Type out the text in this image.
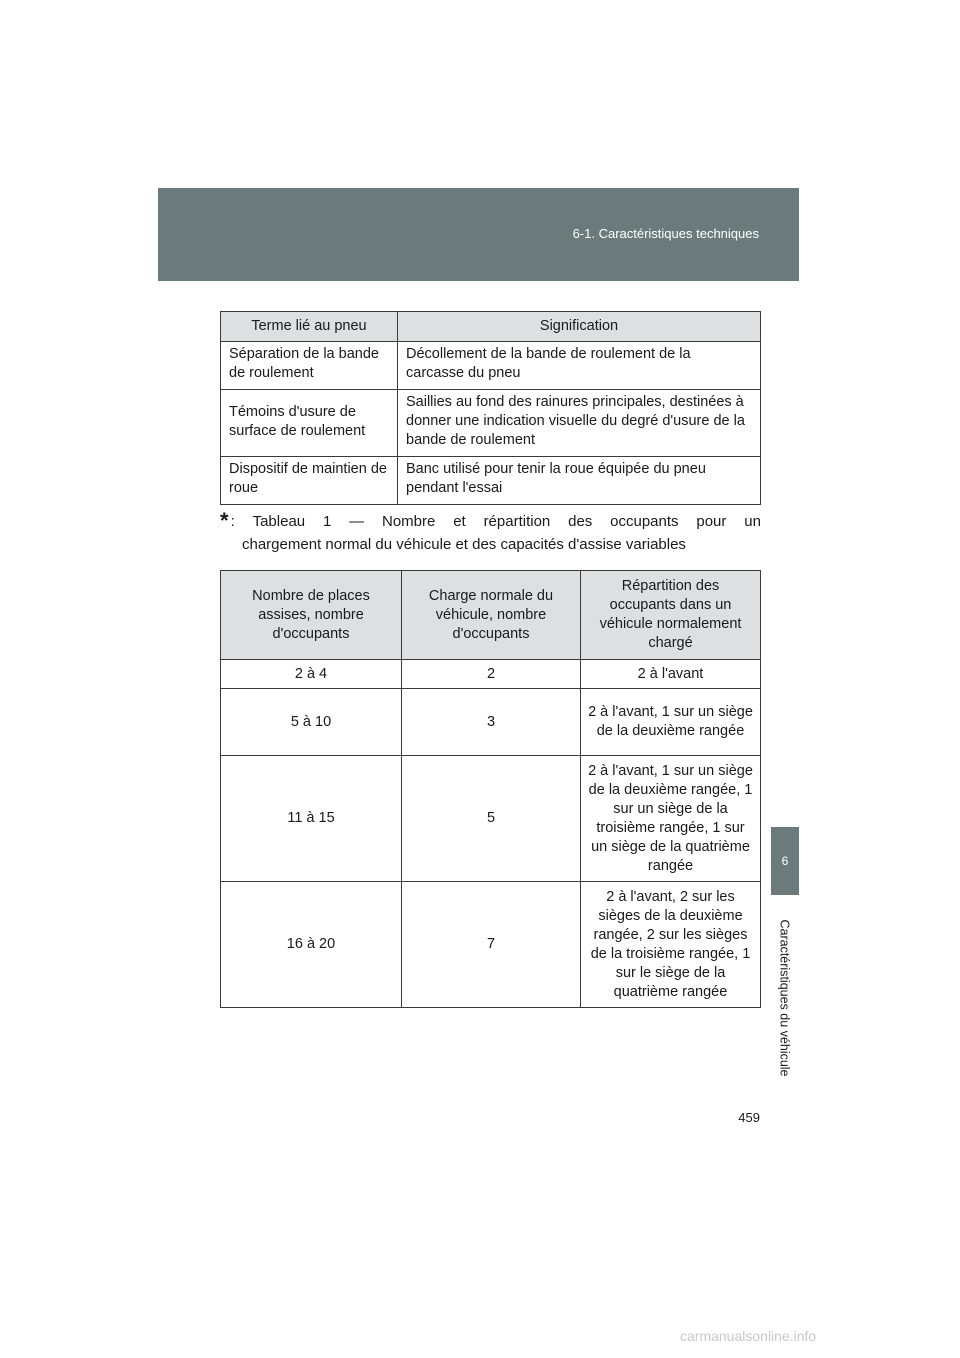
6-1. Caractéristiques techniques
6
Caractéristiques du véhicule
Terme lié au pneu	Signification
Séparation de la bande de roulement	Décollement de la bande de roulement de la carcasse du pneu
Témoins d'usure de surface de roulement	Saillies au fond des rainures principales, destinées à donner une indication visuelle du degré d'usure de la bande de roulement
Dispositif de maintien de roue	Banc utilisé pour tenir la roue équipée du pneu pendant l'essai
* : Tableau 1 — Nombre et répartition des occupants pour un
chargement normal du véhicule et des capacités d'assise variables
Nombre de places assises, nombre d'occupants	Charge normale du véhicule, nombre d'occupants	Répartition des occupants dans un véhicule normalement chargé
2 à 4	2	2 à l'avant
5 à 10	3	2 à l'avant, 1 sur un siège de la deuxième rangée
11 à 15	5	2 à l'avant, 1 sur un siège de la deuxième rangée, 1 sur un siège de la troisième rangée, 1 sur un siège de la quatrième rangée
16 à 20	7	2 à l'avant, 2 sur les sièges de la deuxième rangée, 2 sur les sièges de la troisième rangée, 1 sur le siège de la quatrième rangée
459
carmanualsonline.info
